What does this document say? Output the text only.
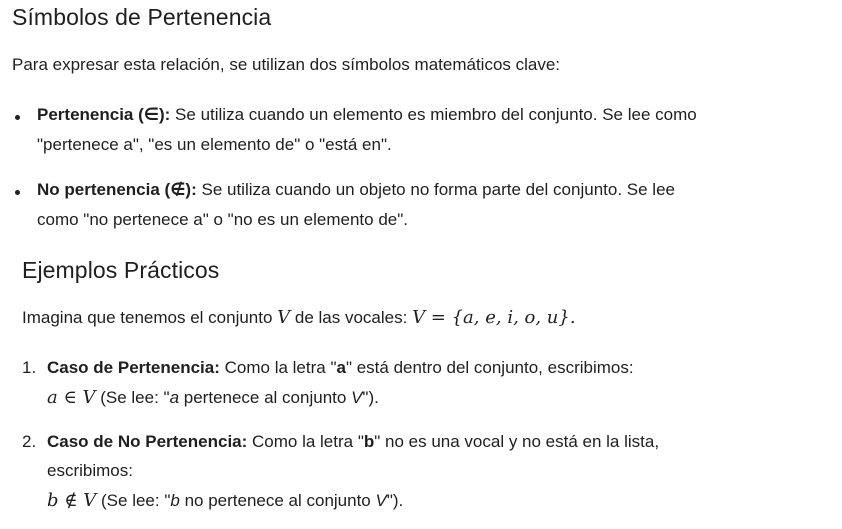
Símbolos de Pertenencia
Para expresar esta relación, se utilizan dos símbolos matemáticos clave:
Pertenencia (∈): Se utiliza cuando un elemento es miembro del conjunto. Se lee como
"pertenece a", "es un elemento de" o "está en".
No pertenencia (∉): Se utiliza cuando un objeto no forma parte del conjunto. Se lee
como "no pertenece a" o "no es un elemento de".
Ejemplos Prácticos
Imagina que tenemos el conjunto V de las vocales: V = {a, e, i, o, u}.
1. Caso de Pertenencia: Como la letra "a" está dentro del conjunto, escribimos:
a ∈ V (Se lee: "a pertenece al conjunto V").
2. Caso de No Pertenencia: Como la letra "b" no es una vocal y no está en la lista,
escribimos:
b ∉ V (Se lee: "b no pertenece al conjunto V").
